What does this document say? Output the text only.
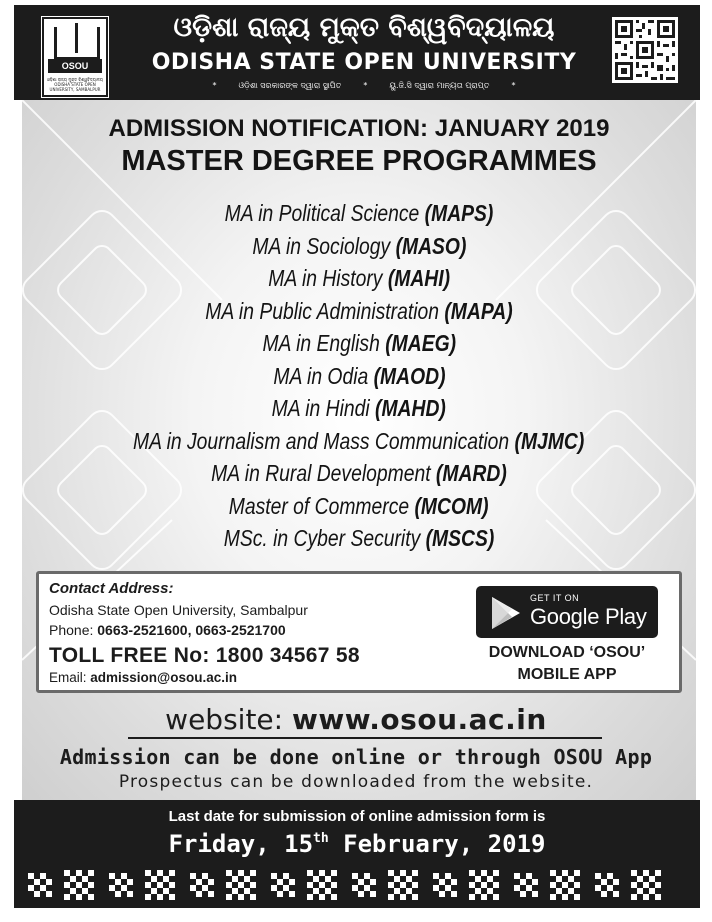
OSOU
ଓଡ଼ିଶା ରାଜ୍ୟ ମୁକ୍ତ ବିଶ୍ୱବିଦ୍ୟାଳୟ ODISHA STATE OPEN UNIVERSITY, SAMBALPUR
ଓଡ଼ିଶା ରାଜ୍ୟ ମୁକ୍ତ ବିଶ୍ୱବିଦ୍ୟାଳୟ
ODISHA STATE OPEN UNIVERSITY
*	ଓଡ଼ିଶା ସରକାରଙ୍କ ଦ୍ୱାରା ସ୍ଥାପିତ	*	ୟୁ.ଜି.ସି ଦ୍ୱାରା ମାନ୍ୟତା ପ୍ରାପ୍ତ	*
ADMISSION NOTIFICATION: JANUARY 2019
MASTER DEGREE PROGRAMMES
MA in Political Science (MAPS)
MA in Sociology (MASO)
MA in History (MAHI)
MA in Public Administration (MAPA)
MA in English (MAEG)
MA in Odia (MAOD)
MA in Hindi (MAHD)
MA in Journalism and Mass Communication (MJMC)
MA in Rural Development (MARD)
Master of Commerce (MCOM)
MSc. in Cyber Security (MSCS)
Contact Address:
Odisha State Open University, Sambalpur
Phone: 0663-2521600, 0663-2521700
TOLL FREE No: 1800 34567 58
Email: admission@osou.ac.in
GET IT ON
Google Play
DOWNLOAD ‘OSOU’
MOBILE APP
website: www.osou.ac.in
Admission can be done online or through OSOU App
Prospectus can be downloaded from the website.
Last date for submission of online admission form is
Friday, 15th February, 2019
